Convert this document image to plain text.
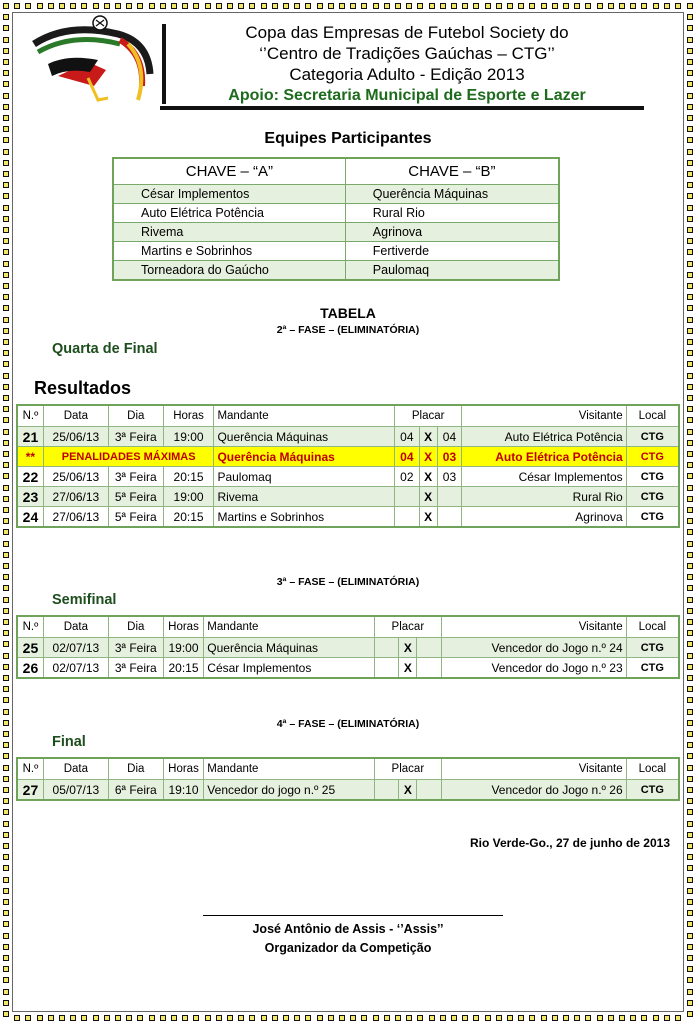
Copa das Empresas de Futebol Society do
‘’Centro de Tradições Gaúchas – CTG’’
Categoria Adulto - Edição 2013
Apoio: Secretaria Municipal de Esporte e Lazer
Equipes Participantes
CHAVE – “A”	CHAVE – “B”
César Implementos	Querência Máquinas
Auto Elétrica Potência	Rural Rio
Rivema	Agrinova
Martins e Sobrinhos	Fertiverde
Torneadora do Gaúcho	Paulomaq
TABELA
2ª – FASE – (ELIMINATÓRIA)
Quarta de Final
Resultados
N.º	Data	Dia	Horas	Mandante	Placar			Visitante	Local
21	25/06/13	3ª Feira	19:00	Querência Máquinas	04	X	04	Auto Elétrica Potência	CTG
**	PENALIDADES MÁXIMAS			Querência Máquinas	04	X	03	Auto Elétrica Potência	CTG
22	25/06/13	3ª Feira	20:15	Paulomaq	02	X	03	César Implementos	CTG
23	27/06/13	5ª Feira	19:00	Rivema		X		Rural Rio	CTG
24	27/06/13	5ª Feira	20:15	Martins e Sobrinhos		X		Agrinova	CTG
3ª – FASE – (ELIMINATÓRIA)
Semifinal
N.º	Data	Dia	Horas	Mandante	Placar			Visitante	Local
25	02/07/13	3ª Feira	19:00	Querência Máquinas		X		Vencedor do Jogo n.º 24	CTG
26	02/07/13	3ª Feira	20:15	César Implementos		X		Vencedor do Jogo n.º 23	CTG
4ª – FASE – (ELIMINATÓRIA)
Final
N.º	Data	Dia	Horas	Mandante	Placar			Visitante	Local
27	05/07/13	6ª Feira	19:10	Vencedor do jogo n.º 25		X		Vencedor do Jogo n.º 26	CTG
Rio Verde-Go., 27 de junho de 2013
José Antônio de Assis - ‘’Assis’’
Organizador da Competição
